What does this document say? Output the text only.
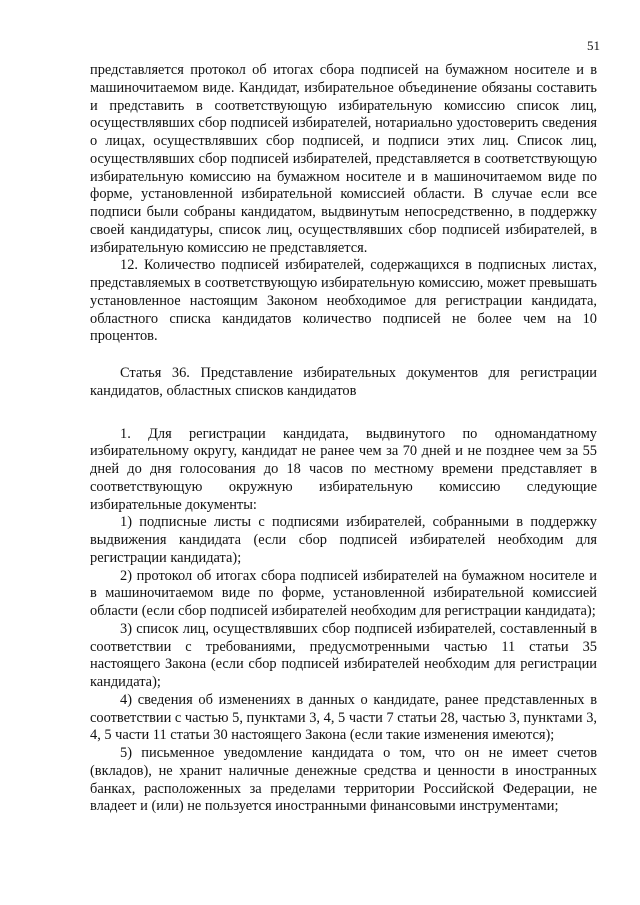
51

представляется протокол об итогах сбора подписей на бумажном носителе и в машиночитаемом виде. Кандидат, избирательное объединение обязаны составить и представить в соответствующую избирательную комиссию список лиц, осуществлявших сбор подписей избирателей, нотариально удостоверить сведения о лицах, осуществлявших сбор подписей, и подписи этих лиц. Список лиц, осуществлявших сбор подписей избирателей, представляется в соответствующую избирательную комиссию на бумажном носителе и в машиночитаемом виде по форме, установленной избирательной комиссией области. В случае если все подписи были собраны кандидатом, выдвинутым непосредственно, в поддержку своей кандидатуры, список лиц, осуществлявших сбор подписей избирателей, в избирательную комиссию не представляется.

12. Количество подписей избирателей, содержащихся в подписных листах, представляемых в соответствующую избирательную комиссию, может превышать установленное настоящим Законом необходимое для регистрации кандидата, областного списка кандидатов количество подписей не более чем на 10 процентов.

Статья 36. Представление избирательных документов для регистрации кандидатов, областных списков кандидатов

1. Для регистрации кандидата, выдвинутого по одномандатному избирательному округу, кандидат не ранее чем за 70 дней и не позднее чем за 55 дней до дня голосования до 18 часов по местному времени представляет в соответствующую окружную избирательную комиссию следующие избирательные документы:

1) подписные листы с подписями избирателей, собранными в поддержку выдвижения кандидата (если сбор подписей избирателей необходим для регистрации кандидата);

2) протокол об итогах сбора подписей избирателей на бумажном носителе и в машиночитаемом виде по форме, установленной избирательной комиссией области (если сбор подписей избирателей необходим для регистрации кандидата);

3) список лиц, осуществлявших сбор подписей избирателей, составленный в соответствии с требованиями, предусмотренными частью 11 статьи 35 настоящего Закона (если сбор подписей избирателей необходим для регистрации кандидата);

4) сведения об изменениях в данных о кандидате, ранее представленных в соответствии с частью 5, пунктами 3, 4, 5 части 7 статьи 28, частью 3, пунктами 3, 4, 5 части 11 статьи 30 настоящего Закона (если такие изменения имеются);

5) письменное уведомление кандидата о том, что он не имеет счетов (вкладов), не хранит наличные денежные средства и ценности в иностранных банках, расположенных за пределами территории Российской Федерации, не владеет и (или) не пользуется иностранными финансовыми инструментами;
